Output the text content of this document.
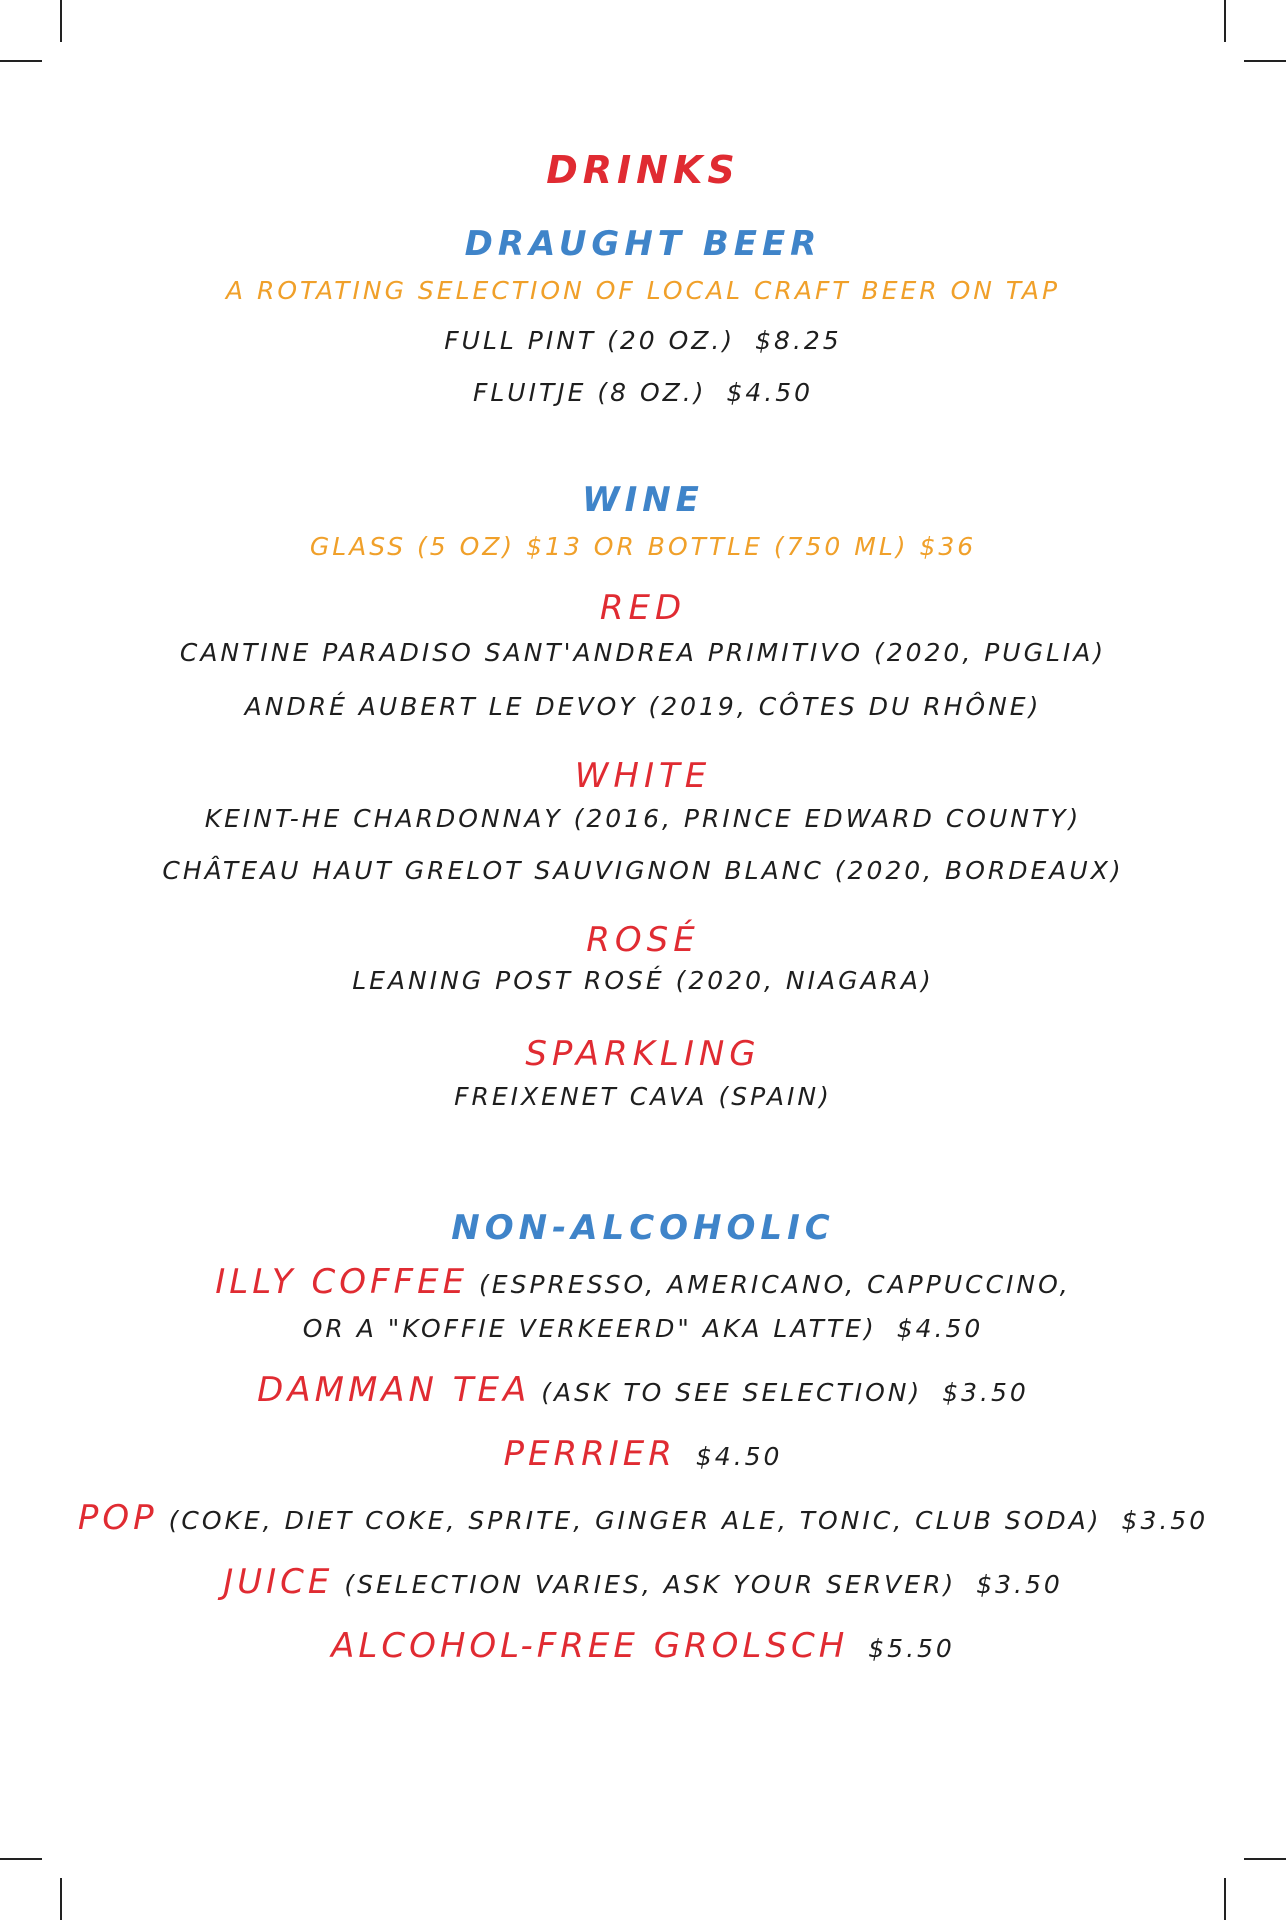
DRINKS
DRAUGHT BEER
A ROTATING SELECTION OF LOCAL CRAFT BEER ON TAP
FULL PINT (20 OZ.) $8.25
FLUITJE (8 OZ.) $4.50
WINE
GLASS (5 OZ) $13 OR BOTTLE (750 ML) $36
RED
CANTINE PARADISO SANT'ANDREA PRIMITIVO (2020, PUGLIA)
ANDRÉ AUBERT LE DEVOY (2019, CÔTES DU RHÔNE)
WHITE
KEINT-HE CHARDONNAY (2016, PRINCE EDWARD COUNTY)
CHÂTEAU HAUT GRELOT SAUVIGNON BLANC (2020, BORDEAUX)
ROSÉ
LEANING POST ROSÉ (2020, NIAGARA)
SPARKLING
FREIXENET CAVA (SPAIN)
NON-ALCOHOLIC
ILLY COFFEE (ESPRESSO, AMERICANO, CAPPUCCINO,
OR A "KOFFIE VERKEERD" AKA LATTE) $4.50
DAMMAN TEA (ASK TO SEE SELECTION) $3.50
PERRIER $4.50
POP (COKE, DIET COKE, SPRITE, GINGER ALE, TONIC, CLUB SODA) $3.50
JUICE (SELECTION VARIES, ASK YOUR SERVER) $3.50
ALCOHOL-FREE GROLSCH $5.50
